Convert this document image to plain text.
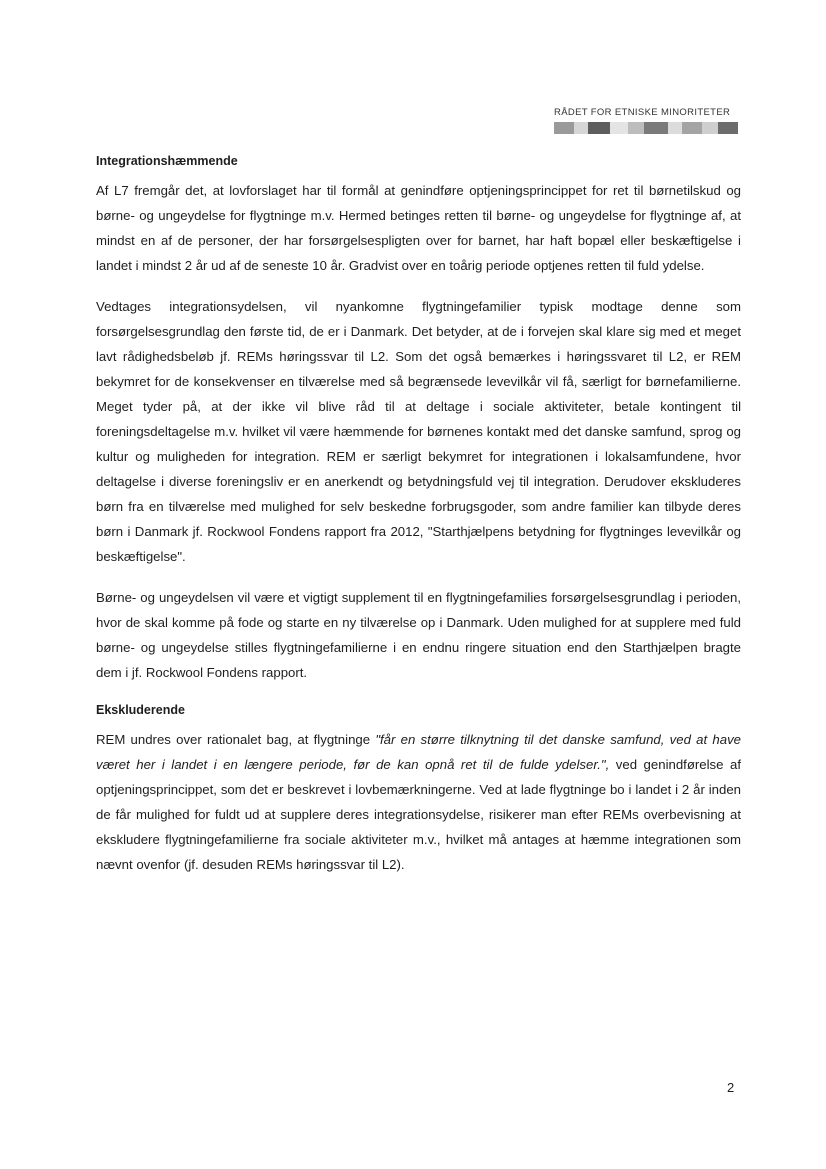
RÅDET FOR ETNISKE MINORITETER
Integrationshæmmende

Af L7 fremgår det, at lovforslaget har til formål at genindføre optjeningsprincippet for ret til børnetilskud og børne- og ungeydelse for flygtninge m.v. Hermed betinges retten til børne- og ungeydelse for flygtninge af, at mindst en af de personer, der har forsørgelsespligten over for barnet, har haft bopæl eller beskæftigelse i landet i mindst 2 år ud af de seneste 10 år. Gradvist over en toårig periode optjenes retten til fuld ydelse.

Vedtages integrationsydelsen, vil nyankomne flygtningefamilier typisk modtage denne som forsørgelsesgrundlag den første tid, de er i Danmark. Det betyder, at de i forvejen skal klare sig med et meget lavt rådighedsbeløb jf. REMs høringssvar til L2. Som det også bemærkes i høringssvaret til L2, er REM bekymret for de konsekvenser en tilværelse med så begrænsede levevilkår vil få, særligt for børnefamilierne. Meget tyder på, at der ikke vil blive råd til at deltage i sociale aktiviteter, betale kontingent til foreningsdeltagelse m.v. hvilket vil være hæmmende for børnenes kontakt med det danske samfund, sprog og kultur og muligheden for integration. REM er særligt bekymret for integrationen i lokalsamfundene, hvor deltagelse i diverse foreningsliv er en anerkendt og betydningsfuld vej til integration. Derudover ekskluderes børn fra en tilværelse med mulighed for selv beskedne forbrugsgoder, som andre familier kan tilbyde deres børn i Danmark jf. Rockwool Fondens rapport fra 2012, "Starthjælpens betydning for flygtninges levevilkår og beskæftigelse".

Børne- og ungeydelsen vil være et vigtigt supplement til en flygtningefamilies forsørgelsesgrundlag i perioden, hvor de skal komme på fode og starte en ny tilværelse op i Danmark. Uden mulighed for at supplere med fuld børne- og ungeydelse stilles flygtningefamilierne i en endnu ringere situation end den Starthjælpen bragte dem i jf. Rockwool Fondens rapport.

Ekskluderende

REM undres over rationalet bag, at flygtninge "får en større tilknytning til det danske samfund, ved at have været her i landet i en længere periode, før de kan opnå ret til de fulde ydelser.", ved genindførelse af optjeningsprincippet, som det er beskrevet i lovbemærkningerne. Ved at lade flygtninge bo i landet i 2 år inden de får mulighed for fuldt ud at supplere deres integrationsydelse, risikerer man efter REMs overbevisning at ekskludere flygtningefamilierne fra sociale aktiviteter m.v., hvilket må antages at hæmme integrationen som nævnt ovenfor (jf. desuden REMs høringssvar til L2).

2
